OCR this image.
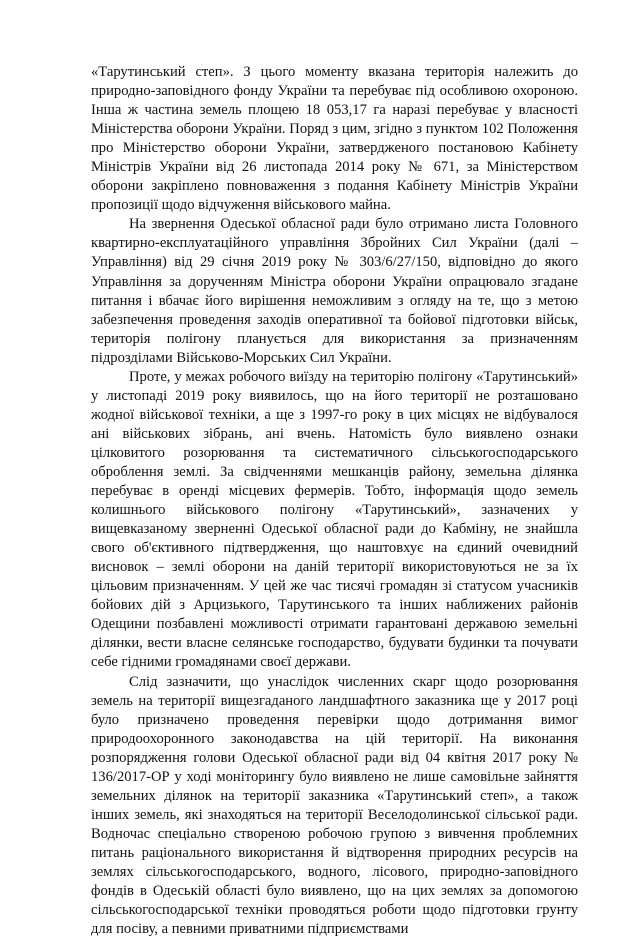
«Тарутинський степ». З цього моменту вказана територія належить до природно-заповідного фонду України та перебуває під особливою охороною. Інша ж частина земель площею 18 053,17 га наразі перебуває у власності Міністерства оборони України. Поряд з цим, згідно з пунктом 102 Положення про Міністерство оборони України, затвердженого постановою Кабінету Міністрів України від 26 листопада 2014 року № 671, за Міністерством оборони закріплено повноваження з подання Кабінету Міністрів України пропозиції щодо відчуження військового майна.

На звернення Одеської обласної ради було отримано листа Головного квартирно-експлуатаційного управління Збройних Сил України (далі – Управління) від 29 січня 2019 року № 303/6/27/150, відповідно до якого Управління за дорученням Міністра оборони України опрацювало згадане питання і вбачає його вирішення неможливим з огляду на те, що з метою забезпечення проведення заходів оперативної та бойової підготовки військ, територія полігону планується для використання за призначенням підрозділами Військово-Морських Сил України.

Проте, у межах робочого виїзду на територію полігону «Тарутинський» у листопаді 2019 року виявилось, що на його території не розташовано жодної військової техніки, а ще з 1997-го року в цих місцях не відбувалося ані військових зібрань, ані вчень. Натомість було виявлено ознаки цілковитого розорювання та систематичного сільськогосподарського оброблення землі. За свідченнями мешканців району, земельна ділянка перебуває в оренді місцевих фермерів. Тобто, інформація щодо земель колишнього військового полігону «Тарутинський», зазначених у вищевказаному зверненні Одеської обласної ради до Кабміну, не знайшла свого об'єктивного підтвердження, що наштовхує на єдиний очевидний висновок – землі оборони на даній території використовуються не за їх цільовим призначенням. У цей же час тисячі громадян зі статусом учасників бойових дій з Арцизького, Тарутинського та інших наближених районів Одещини позбавлені можливості отримати гарантовані державою земельні ділянки, вести власне селянське господарство, будувати будинки та почувати себе гідними громадянами своєї держави.

Слід зазначити, що унаслідок численних скарг щодо розорювання земель на території вищезгаданого ландшафтного заказника ще у 2017 році було призначено проведення перевірки щодо дотримання вимог природоохоронного законодавства на цій території. На виконання розпорядження голови Одеської обласної ради від 04 квітня 2017 року № 136/2017-ОР у ході моніторингу було виявлено не лише самовільне зайняття земельних ділянок на території заказника «Тарутинський степ», а також інших земель, які знаходяться на території Веселодолинської сільської ради. Водночас спеціально створеною робочою групою з вивчення проблемних питань раціонального використання й відтворення природних ресурсів на землях сільськогосподарського, водного, лісового, природно-заповідного фондів в Одеській області було виявлено, що на цих землях за допомогою сільськогосподарської техніки проводяться роботи щодо підготовки грунту для посіву, а певними приватними підприємствами
